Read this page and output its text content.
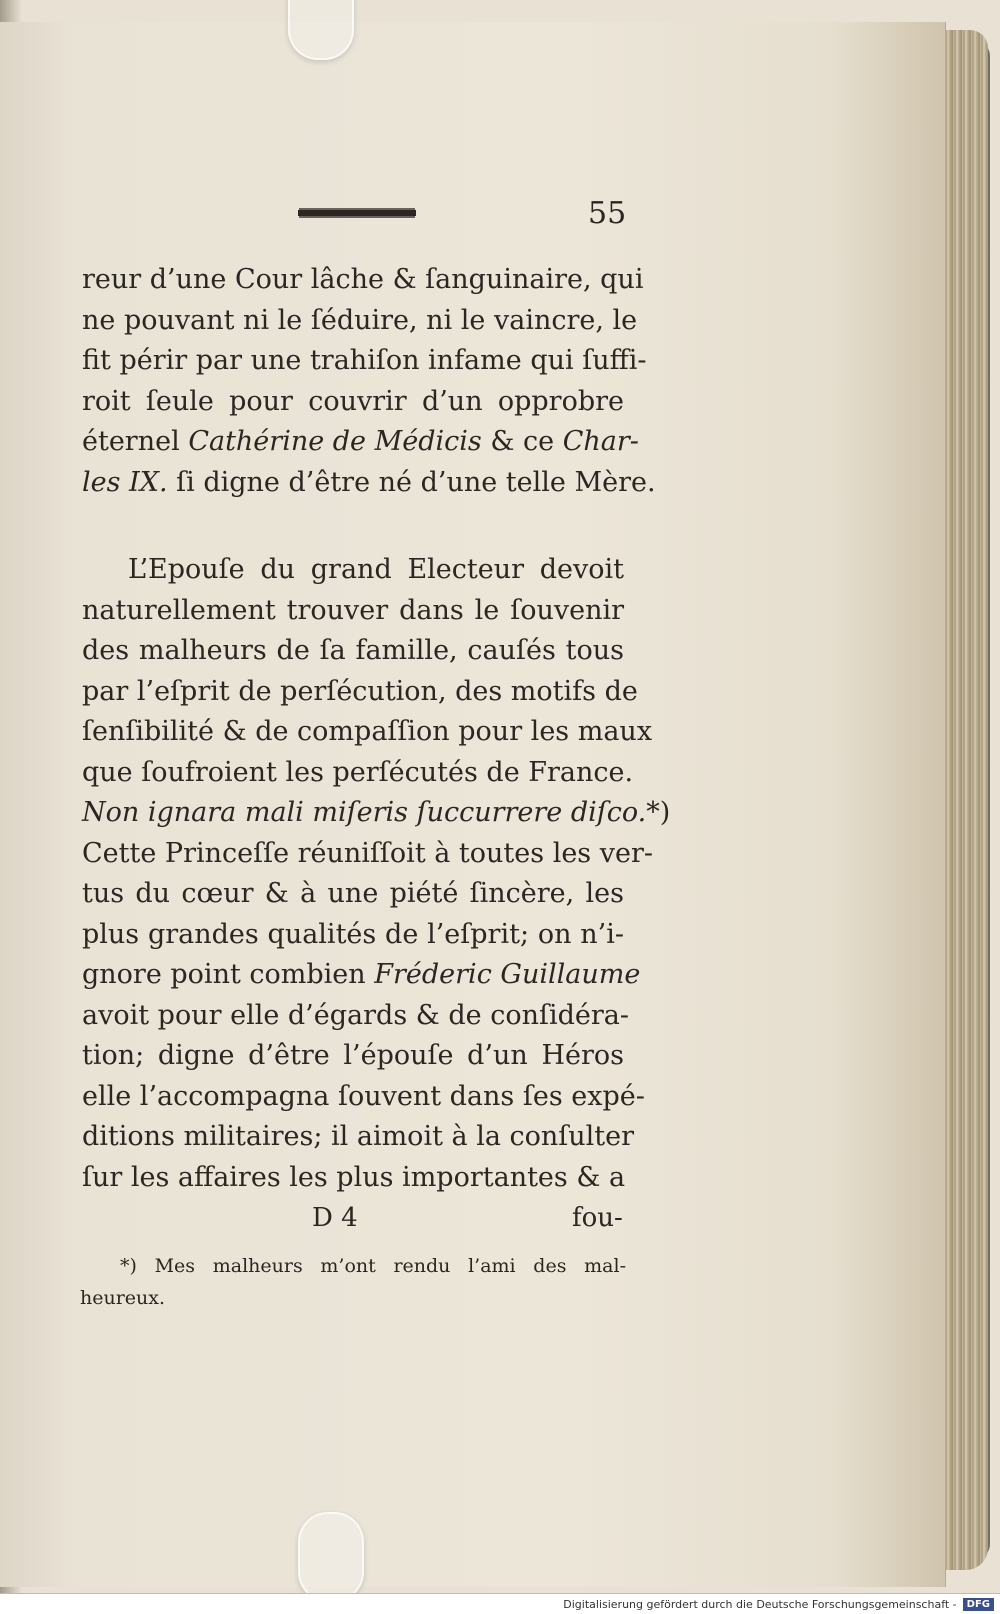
55
reur d’une Cour lâche & ſanguinaire, qui
ne pouvant ni le ſéduire, ni le vaincre, le
fit périr par une trahiſon infame qui ſuffi-
roit ſeule pour couvrir d’un opprobre
éternel Cathérine de Médicis & ce Char-
les IX. ſi digne d’être né d’une telle Mère.
L’Epouſe du grand Electeur devoit
naturellement trouver dans le ſouvenir
des malheurs de ſa famille, cauſés tous
par l’eſprit de perſécution, des motifs de
ſenſibilité & de compaſſion pour les maux
que ſoufroient les perſécutés de France.
Non ignara mali miſeris ſuccurrere diſco.*)
Cette Princeſſe réuniſſoit à toutes les ver-
tus du cœur & à une piété ſincère, les
plus grandes qualités de l’eſprit; on n’i-
gnore point combien Fréderic Guillaume
avoit pour elle d’égards & de conſidéra-
tion; digne d’être l’épouſe d’un Héros
elle l’accompagna ſouvent dans ſes expé-
ditions militaires; il aimoit à la conſulter
ſur les affaires les plus importantes & a
D 4	fou-
*) Mes malheurs m’ont rendu l’ami des mal-
heureux.
Digitalisierung gefördert durch die Deutsche Forschungsgemeinschaft -	DFG
